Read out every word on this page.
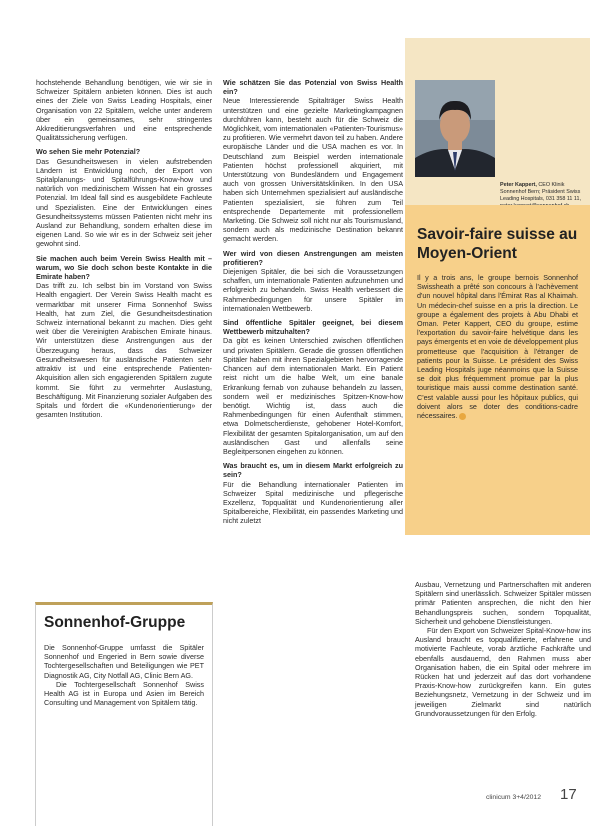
hochstehende Behandlung benötigen, wie wir sie in Schweizer Spitälern anbieten können. Dies ist auch eines der Ziele von Swiss Leading Hospitals, einer Organisation von 22 Spitälern, welche unter anderem über ein gemeinsames, sehr stringentes Akkreditierungsverfahren und eine entsprechende Qualitätssicherung verfügen.

Wo sehen Sie mehr Potenzial?

Das Gesundheitswesen in vielen aufstrebenden Ländern ist Entwicklung noch, der Export von Spitalplanungs- und Spitalführungs-Know-how und natürlich von medizinischem Wissen hat ein grosses Potenzial. Im Ideal fall sind es ausgebildete Fachleute und Spezialisten. Eine der Entwicklungen eines Gesundheitssystems müssen Patienten nicht mehr ins Ausland zur Behandlung, sondern erhalten diese im eigenen Land. So wie wir es in der Schweiz seit jeher gewohnt sind.

Sie machen auch beim Verein Swiss Health mit – warum, wo Sie doch schon beste Kontakte in die Emirate haben?

Das trifft zu. Ich selbst bin im Vorstand von Swiss Health engagiert. Der Verein Swiss Health macht es vermarktbar mit unserer Firma Sonnenhof Swiss Health, hat zum Ziel, die Gesundheitsdestination Schweiz international bekannt zu machen. Dies geht weit über die Vereinigten Arabischen Emirate hinaus. Wir unterstützen diese Anstrengungen aus der Überzeugung heraus, dass das Schweizer Gesundheitswesen für ausländische Patienten sehr attraktiv ist und eine entsprechende Patienten-Akquisition allen sich engagierenden Spitälern zugute kommt. Sie führt zu vermehrter Auslastung, Beschäftigung. Mit Finanzierung sozialer Aufgaben des Spitals und fördert die «Kundenorientierung» der gesamten Institution.

Wie schätzen Sie das Potenzial von Swiss Health ein?

Neue Interessierende Spitalträger Swiss Health unterstützen und eine gezielte Marketingkampagnen durchführen kann, besteht auch für die Schweiz die Möglichkeit, vom internationalen «Patienten-Tourismus» zu profitieren. Wie vermehrt davon teil zu haben. Andere europäische Länder und die USA machen es vor. In Deutschland zum Beispiel werden internationale Patienten höchst professionell akquiriert, mit Unterstützung von Bundesländern und Engagement auch von grossen Universitätskliniken. In den USA haben sich Unternehmen spezialisiert auf ausländische Patienten spezialisiert, sie führen zum Teil entsprechende Departemente mit professionellem Marketing. Die Schweiz soll nicht nur als Tourismusland, sondern auch als medizinische Destination bekannt gemacht werden.

Wer wird von diesen Anstrengungen am meisten profitieren?

Diejenigen Spitäler, die bei sich die Voraussetzungen schaffen, um internationale Patienten aufzunehmen und erfolgreich zu behandeln. Swiss Health verbessert die Rahmenbedingungen für unsere Spitäler im internationalen Wettbewerb.

Sind öffentliche Spitäler geeignet, bei diesem Wettbewerb mitzuhalten?

Da gibt es keinen Unterschied zwischen öffentlichen und privaten Spitälern. Gerade die grossen öffentlichen Spitäler haben mit ihren Spezialgebieten hervorragende Chancen auf dem internationalen Markt. Ein Patient reist nicht um die halbe Welt, um eine banale Erkrankung fernab von zuhause behandeln zu lassen, sondern weil er medizinisches Spitzen-Know-how benötigt. Wichtig ist, dass auch die Rahmenbedingungen für einen Aufenthalt stimmen, etwa Dolmetscherdienste, gehobener Hotel-Komfort, Flexibilität der gesamten Spitalorganisation, um auf den ausländischen Gast und allenfalls seine Begleitpersonen eingehen zu können.

Was braucht es, um in diesem Markt erfolgreich zu sein?

Für die Behandlung internationaler Patienten im Schweizer Spital medizinische und pflegerische Exzellenz, Topqualität und Kundenorientierung aller Spitalbereiche, Flexibilität, ein passendes Marketing und nicht zuletzt

Peter Kappert, CEO Klinik Sonnenhof Bern; Präsident Swiss Leading Hospitals, 031 358 11 11,
Savoir-faire suisse au Moyen-Orient

Il y a trois ans, le groupe bernois Sonnenhof Swissheath a prêté son concours à l'achèvement d'un nouvel hôpital dans l'Émirat Ras al Khaimah. Un médecin-chef suisse en a pris la direction. Le groupe a également des projets à Abu Dhabi et Oman. Peter Kappert, CEO du groupe, estime l'exportation du savoir-faire helvétique dans les pays émergents et en voie de développement plus prometteuse que l'acquisition à l'étranger de patients pour la Suisse. Le président des Swiss Leading Hospitals juge néanmoins que la Suisse se doit plus fréquemment promue par la plus touristique mais aussi comme destination santé. C'est valable aussi pour les hôpitaux publics, qui doivent alors se doter des conditions-cadre nécessaires.

Ausbau, Vernetzung und Partnerschaften mit anderen Spitälern sind unerlässlich. Schweizer Spitäler müssen primär Patienten ansprechen, die nicht den hier Behandlungspreis suchen, sondern Topqualität, Sicherheit und gehobene Dienstleistungen.

Für den Export von Schweizer Spital-Know-how ins Ausland braucht es topqualifizierte, erfahrene und motivierte Fachleute, vorab ärztliche Fachkräfte und ebenfalls ausdauernd, den Rahmen muss aber Organisation haben, die ein Spital oder mehrere im Rücken hat und jederzeit auf das dort vorhandene Praxis-Know-how zurückgreifen kann. Ein gutes Beziehungsnetz, Vernetzung in der Schweiz und im jeweiligen Zielmarkt sind natürlich Grundvoraussetzungen für den Erfolg.

Sonnenhof-Gruppe

Die Sonnenhof-Gruppe umfasst die Spitäler Sonnenhof und Engeried in Bern sowie diverse Tochtergesellschaften und Beteiligungen wie PET Diagnostik AG, City Notfall AG, Clinic Bern AG.

Die Tochtergesellschaft Sonnenhof Swiss Health AG ist in Europa und Asien im Bereich Consulting und Management von Spitälern tätig.

clinicum 3+4/2012 17
